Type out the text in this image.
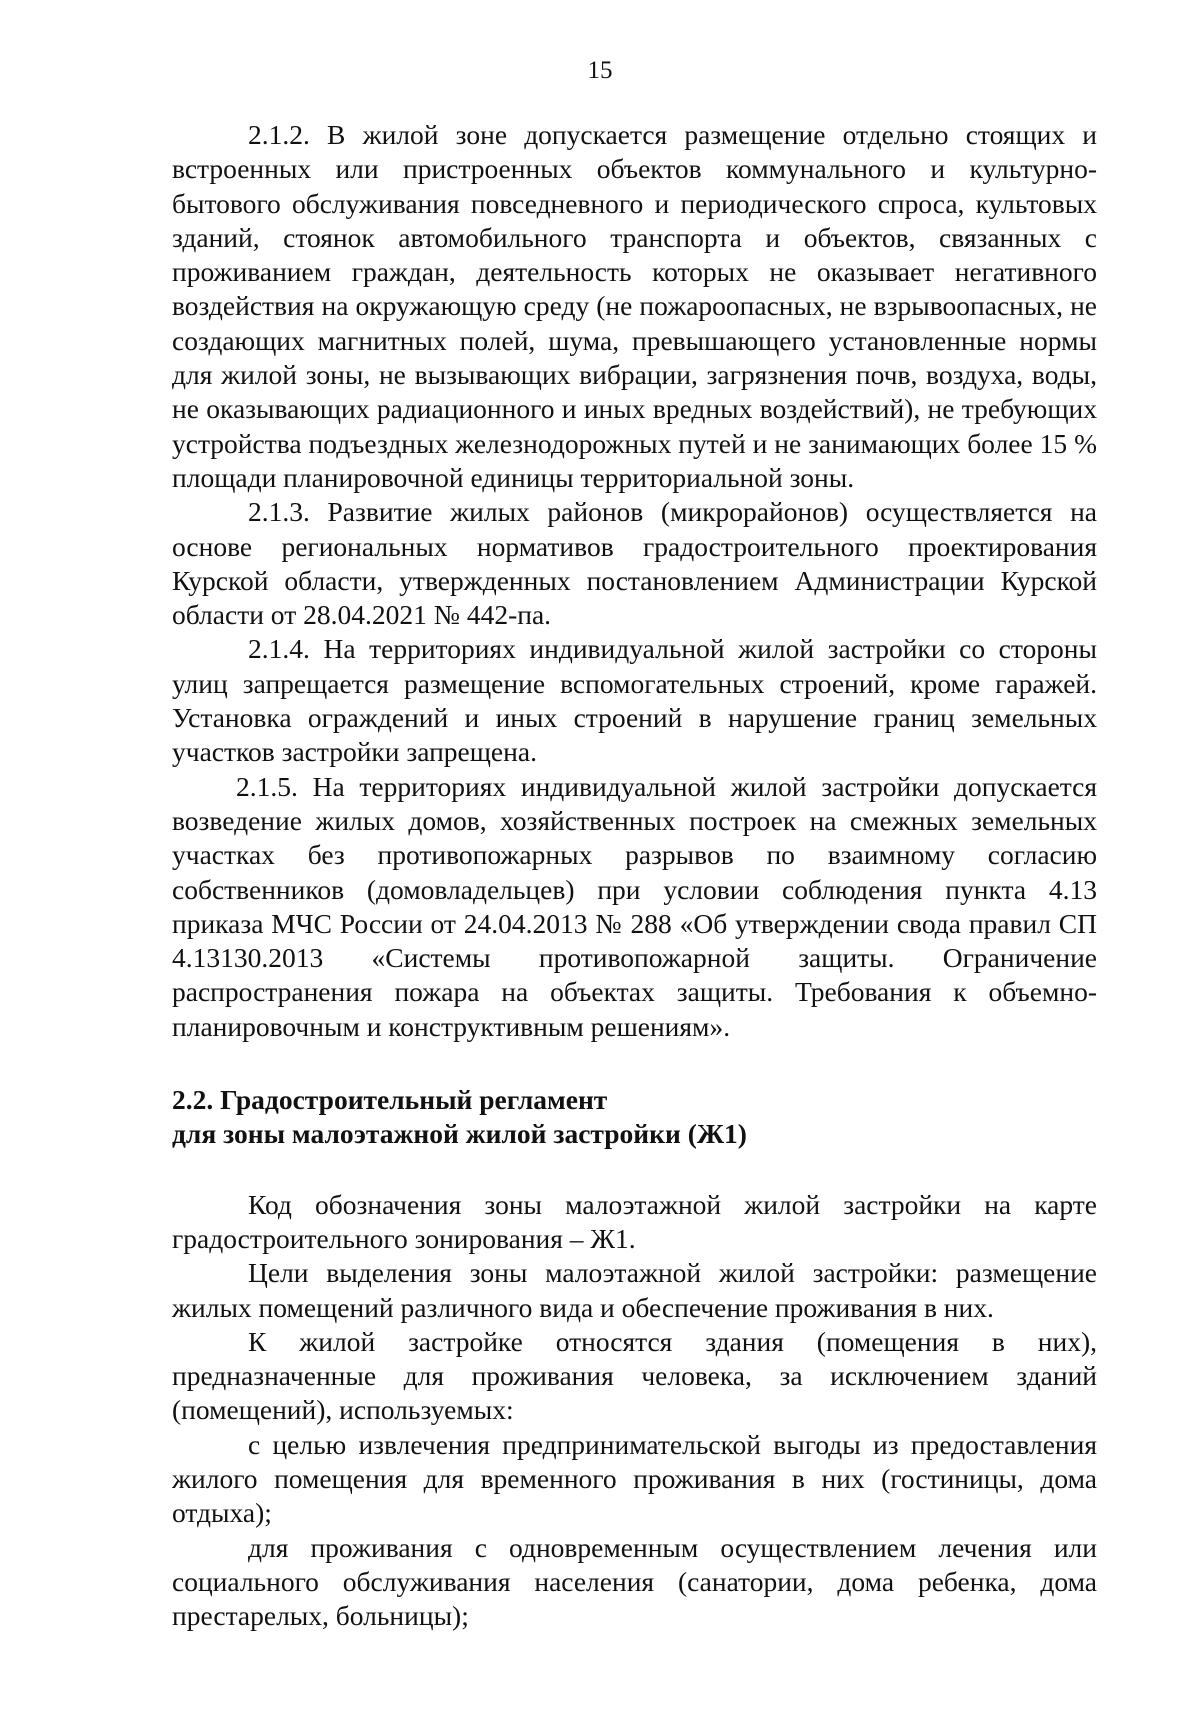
15

2.1.2. В жилой зоне допускается размещение отдельно стоящих и встроенных или пристроенных объектов коммунального и культурно-бытового обслуживания повседневного и периодического спроса, культовых зданий, стоянок автомобильного транспорта и объектов, связанных с проживанием граждан, деятельность которых не оказывает негативного воздействия на окружающую среду (не пожароопасных, не взрывоопасных, не создающих магнитных полей, шума, превышающего установленные нормы для жилой зоны, не вызывающих вибрации, загрязнения почв, воздуха, воды, не оказывающих радиационного и иных вредных воздействий), не требующих устройства подъездных железнодорожных путей и не занимающих более 15 % площади планировочной единицы территориальной зоны.

2.1.3. Развитие жилых районов (микрорайонов) осуществляется на основе региональных нормативов градостроительного проектирования Курской области, утвержденных постановлением Администрации Курской области от 28.04.2021 № 442-па.

2.1.4. На территориях индивидуальной жилой застройки со стороны улиц запрещается размещение вспомогательных строений, кроме гаражей. Установка ограждений и иных строений в нарушение границ земельных участков застройки запрещена.

2.1.5. На территориях индивидуальной жилой застройки допускается возведение жилых домов, хозяйственных построек на смежных земельных участках без противопожарных разрывов по взаимному согласию собственников (домовладельцев) при условии соблюдения пункта 4.13 приказа МЧС России от 24.04.2013 № 288 «Об утверждении свода правил СП 4.13130.2013 «Системы противопожарной защиты. Ограничение распространения пожара на объектах защиты. Требования к объемно-планировочным и конструктивным решениям».

2.2. Градостроительный регламент
для зоны малоэтажной жилой застройки (Ж1)

Код обозначения зоны малоэтажной жилой застройки на карте градостроительного зонирования – Ж1.

Цели выделения зоны малоэтажной жилой застройки: размещение жилых помещений различного вида и обеспечение проживания в них.

К жилой застройке относятся здания (помещения в них), предназначенные для проживания человека, за исключением зданий (помещений), используемых:

с целью извлечения предпринимательской выгоды из предоставления жилого помещения для временного проживания в них (гостиницы, дома отдыха);

для проживания с одновременным осуществлением лечения или социального обслуживания населения (санатории, дома ребенка, дома престарелых, больницы);
